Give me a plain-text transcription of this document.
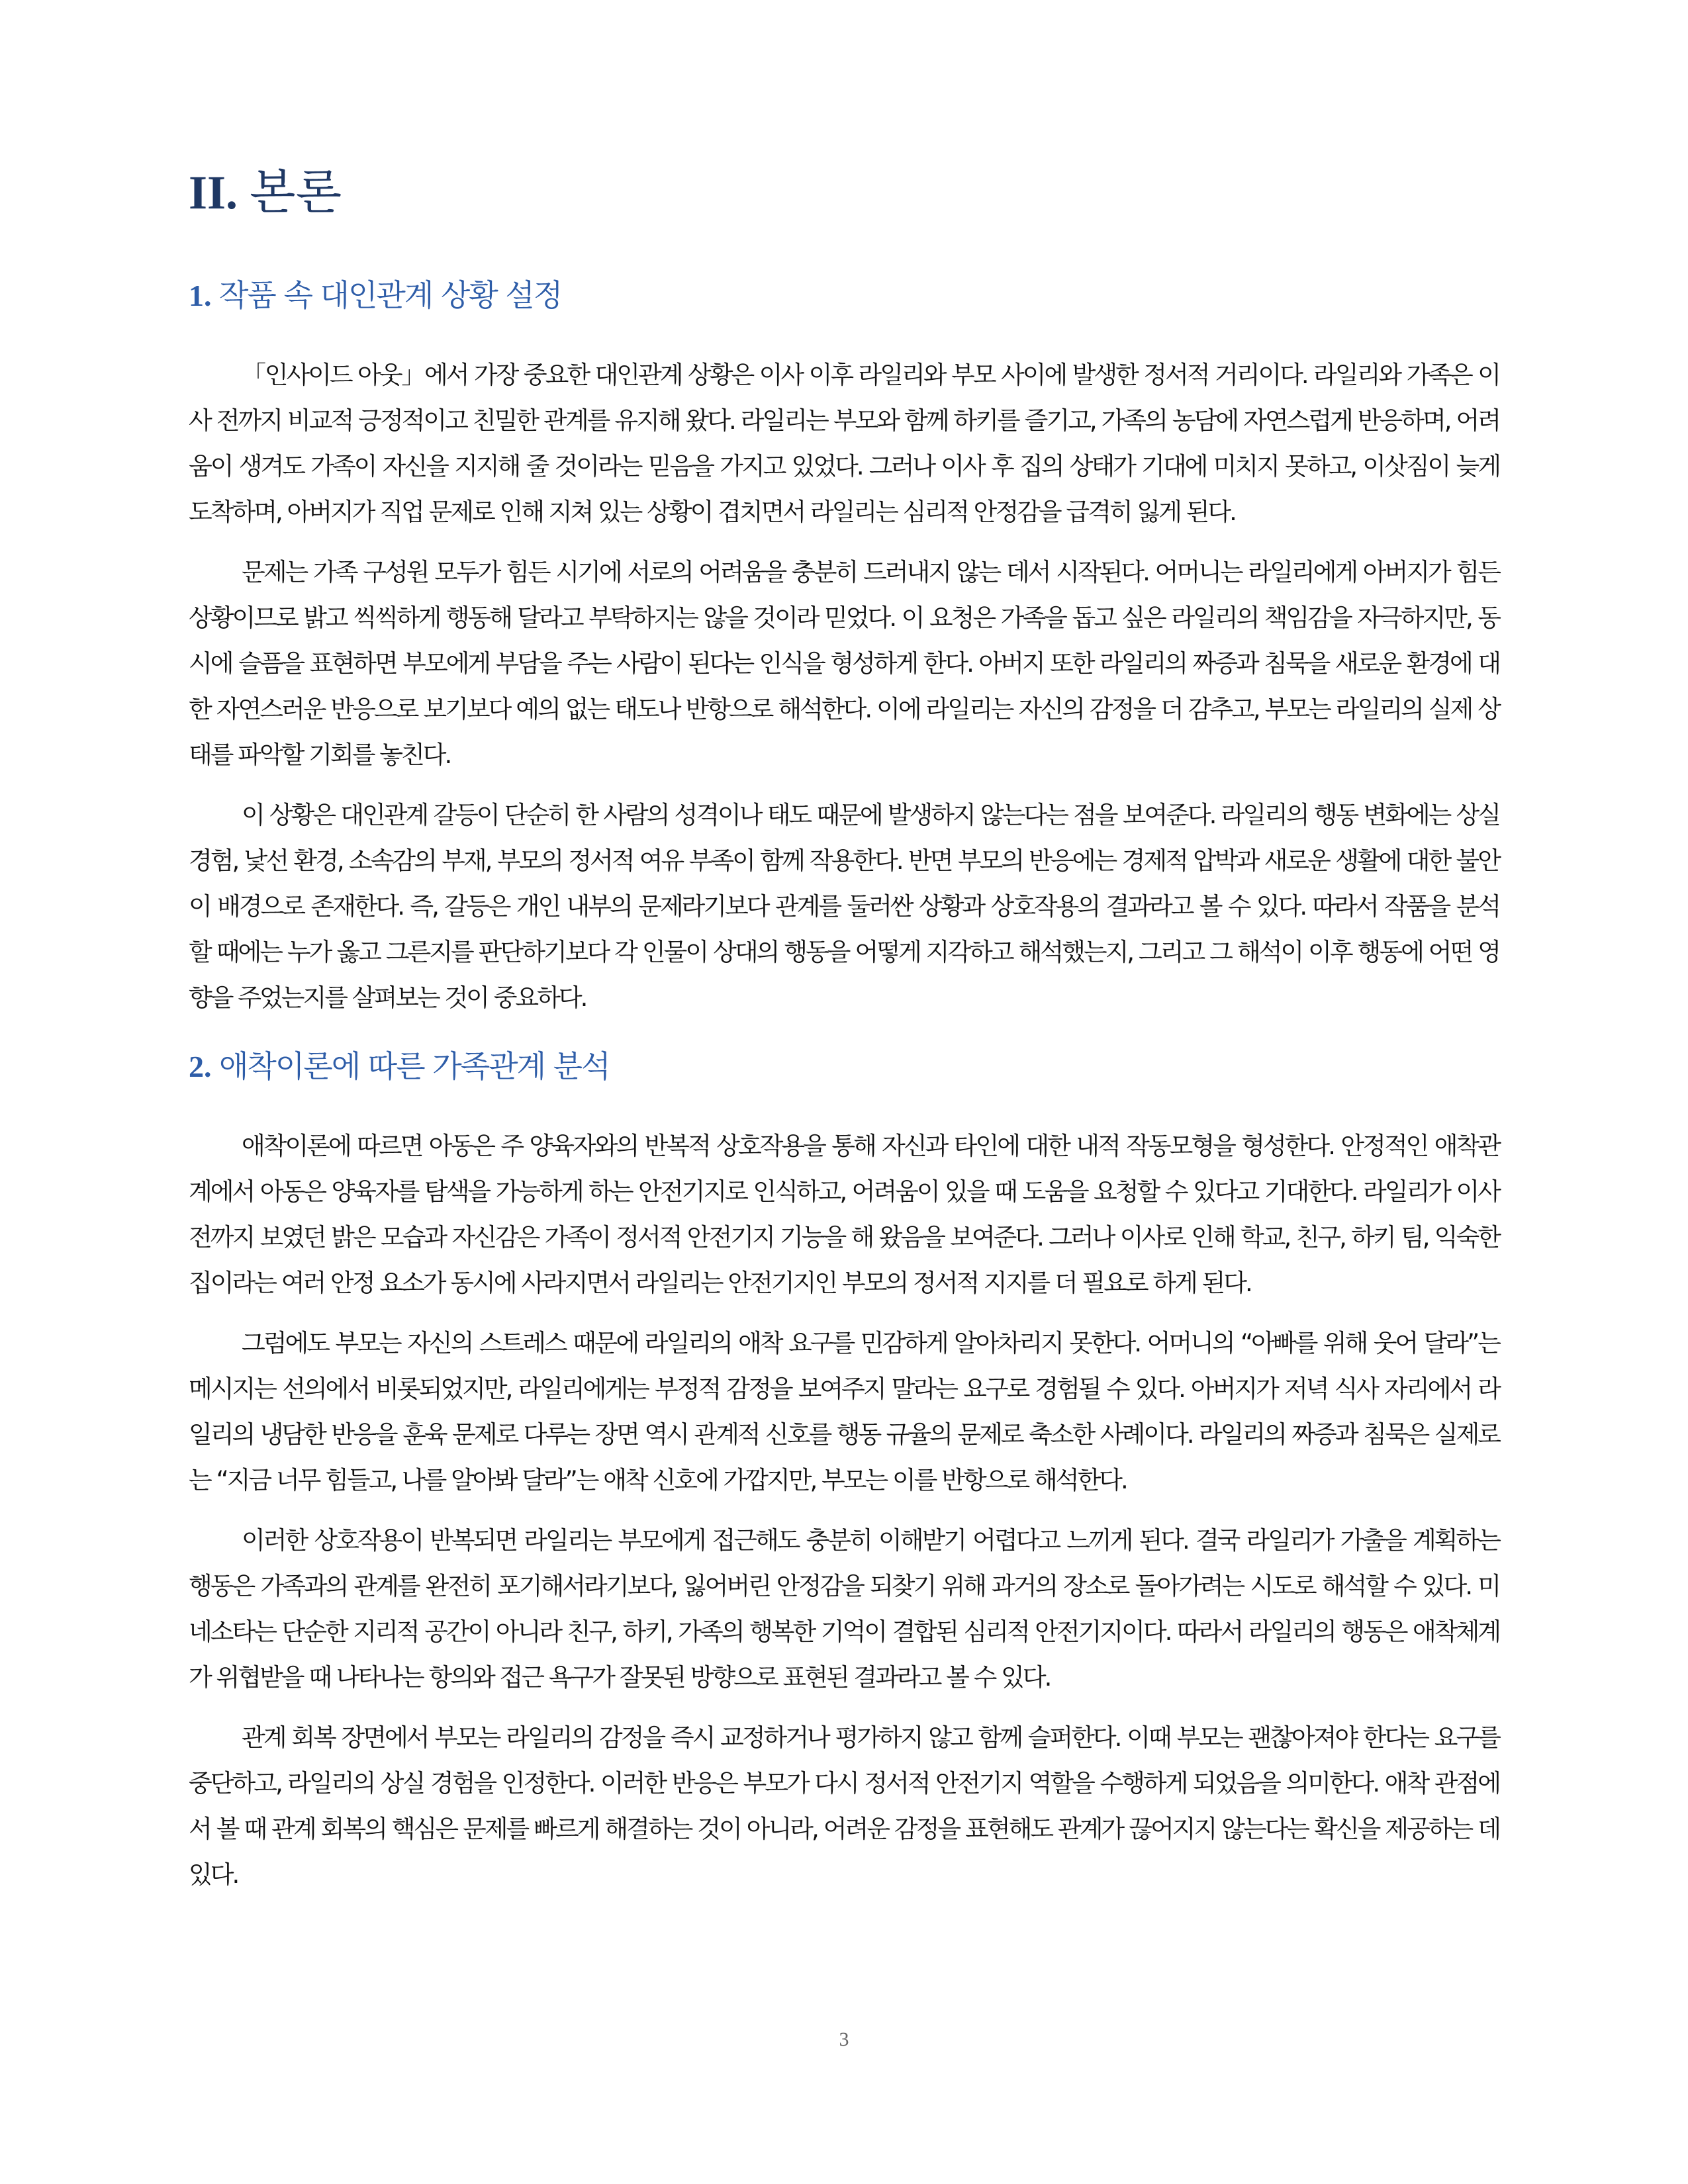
II. 본론
1. 작품 속 대인관계 상황 설정

「인사이드 아웃」에서 가장 중요한 대인관계 상황은 이사 이후 라일리와 부모 사이에 발생한 정서적 거리이다. 라일리와 가족은 이사 전까지 비교적 긍정적이고 친밀한 관계를 유지해 왔다. 라일리는 부모와 함께 하키를 즐기고, 가족의 농담에 자연스럽게 반응하며, 어려움이 생겨도 가족이 자신을 지지해 줄 것이라는 믿음을 가지고 있었다. 그러나 이사 후 집의 상태가 기대에 미치지 못하고, 이삿짐이 늦게 도착하며, 아버지가 직업 문제로 인해 지쳐 있는 상황이 겹치면서 라일리는 심리적 안정감을 급격히 잃게 된다.

문제는 가족 구성원 모두가 힘든 시기에 서로의 어려움을 충분히 드러내지 않는 데서 시작된다. 어머니는 라일리에게 아버지가 힘든 상황이므로 밝고 씩씩하게 행동해 달라고 부탁하지는 않을 것이라 믿었다. 이 요청은 가족을 돕고 싶은 라일리의 책임감을 자극하지만, 동시에 슬픔을 표현하면 부모에게 부담을 주는 사람이 된다는 인식을 형성하게 한다. 아버지 또한 라일리의 짜증과 침묵을 새로운 환경에 대한 자연스러운 반응으로 보기보다 예의 없는 태도나 반항으로 해석한다. 이에 라일리는 자신의 감정을 더 감추고, 부모는 라일리의 실제 상태를 파악할 기회를 놓친다.

이 상황은 대인관계 갈등이 단순히 한 사람의 성격이나 태도 때문에 발생하지 않는다는 점을 보여준다. 라일리의 행동 변화에는 상실 경험, 낯선 환경, 소속감의 부재, 부모의 정서적 여유 부족이 함께 작용한다. 반면 부모의 반응에는 경제적 압박과 새로운 생활에 대한 불안이 배경으로 존재한다. 즉, 갈등은 개인 내부의 문제라기보다 관계를 둘러싼 상황과 상호작용의 결과라고 볼 수 있다. 따라서 작품을 분석할 때에는 누가 옳고 그른지를 판단하기보다 각 인물이 상대의 행동을 어떻게 지각하고 해석했는지, 그리고 그 해석이 이후 행동에 어떤 영향을 주었는지를 살펴보는 것이 중요하다.

2. 애착이론에 따른 가족관계 분석

애착이론에 따르면 아동은 주 양육자와의 반복적 상호작용을 통해 자신과 타인에 대한 내적 작동모형을 형성한다. 안정적인 애착관계에서 아동은 양육자를 탐색을 가능하게 하는 안전기지로 인식하고, 어려움이 있을 때 도움을 요청할 수 있다고 기대한다. 라일리가 이사 전까지 보였던 밝은 모습과 자신감은 가족이 정서적 안전기지 기능을 해 왔음을 보여준다. 그러나 이사로 인해 학교, 친구, 하키 팀, 익숙한 집이라는 여러 안정 요소가 동시에 사라지면서 라일리는 안전기지인 부모의 정서적 지지를 더 필요로 하게 된다.

그럼에도 부모는 자신의 스트레스 때문에 라일리의 애착 요구를 민감하게 알아차리지 못한다. 어머니의 “아빠를 위해 웃어 달라”는 메시지는 선의에서 비롯되었지만, 라일리에게는 부정적 감정을 보여주지 말라는 요구로 경험될 수 있다. 아버지가 저녁 식사 자리에서 라일리의 냉담한 반응을 훈육 문제로 다루는 장면 역시 관계적 신호를 행동 규율의 문제로 축소한 사례이다. 라일리의 짜증과 침묵은 실제로는 “지금 너무 힘들고, 나를 알아봐 달라”는 애착 신호에 가깝지만, 부모는 이를 반항으로 해석한다.

이러한 상호작용이 반복되면 라일리는 부모에게 접근해도 충분히 이해받기 어렵다고 느끼게 된다. 결국 라일리가 가출을 계획하는 행동은 가족과의 관계를 완전히 포기해서라기보다, 잃어버린 안정감을 되찾기 위해 과거의 장소로 돌아가려는 시도로 해석할 수 있다. 미네소타는 단순한 지리적 공간이 아니라 친구, 하키, 가족의 행복한 기억이 결합된 심리적 안전기지이다. 따라서 라일리의 행동은 애착체계가 위협받을 때 나타나는 항의와 접근 욕구가 잘못된 방향으로 표현된 결과라고 볼 수 있다.

관계 회복 장면에서 부모는 라일리의 감정을 즉시 교정하거나 평가하지 않고 함께 슬퍼한다. 이때 부모는 괜찮아져야 한다는 요구를 중단하고, 라일리의 상실 경험을 인정한다. 이러한 반응은 부모가 다시 정서적 안전기지 역할을 수행하게 되었음을 의미한다. 애착 관점에서 볼 때 관계 회복의 핵심은 문제를 빠르게 해결하는 것이 아니라, 어려운 감정을 표현해도 관계가 끊어지지 않는다는 확신을 제공하는 데 있다.

3
